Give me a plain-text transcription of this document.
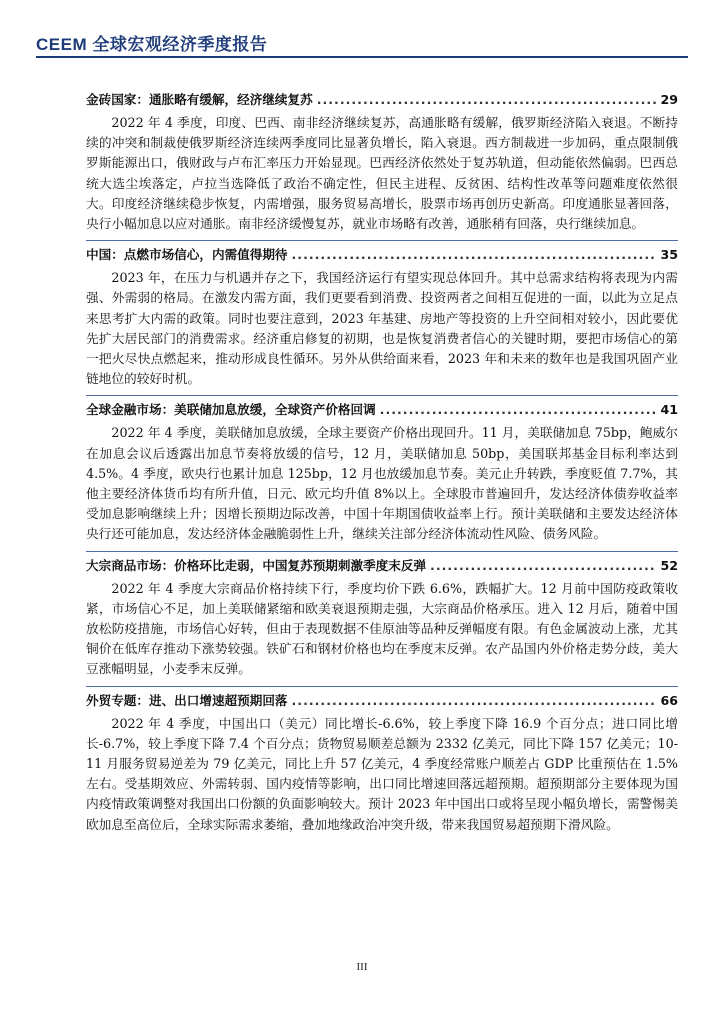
CEEM 全球宏观经济季度报告
金砖国家：通胀略有缓解，经济继续复苏 .....	29

2022 年 4 季度，印度、巴西、南非经济继续复苏，高通胀略有缓解，俄罗斯经济陷入衰退。不断持续的冲突和制裁使俄罗斯经济连续两季度同比显著负增长，陷入衰退。西方制裁进一步加码，重点限制俄罗斯能源出口，俄财政与卢布汇率压力开始显现。巴西经济依然处于复苏轨道，但动能依然偏弱。巴西总统大选尘埃落定，卢拉当选降低了政治不确定性，但民主进程、反贫困、结构性改革等问题难度依然很大。印度经济继续稳步恢复，内需增强，服务贸易高增长，股票市场再创历史新高。印度通胀显著回落，央行小幅加息以应对通胀。南非经济缓慢复苏，就业市场略有改善，通胀稍有回落，央行继续加息。

中国：点燃市场信心，内需值得期待 .....	35

2023 年，在压力与机遇并存之下，我国经济运行有望实现总体回升。其中总需求结构将表现为内需强、外需弱的格局。在激发内需方面，我们更要看到消费、投资两者之间相互促进的一面，以此为立足点来思考扩大内需的政策。同时也要注意到，2023 年基建、房地产等投资的上升空间相对较小，因此要优先扩大居民部门的消费需求。经济重启修复的初期，也是恢复消费者信心的关键时期，要把市场信心的第一把火尽快点燃起来，推动形成良性循环。另外从供给面来看，2023 年和未来的数年也是我国巩固产业链地位的较好时机。

全球金融市场：美联储加息放缓，全球资产价格回调 .....	41

2022 年 4 季度，美联储加息放缓，全球主要资产价格出现回升。11 月，美联储加息 75bp，鲍威尔在加息会议后透露出加息节奏将放缓的信号，12 月，美联储加息 50bp，美国联邦基金目标利率达到 4.5%。4 季度，欧央行也累计加息 125bp，12 月也放缓加息节奏。美元止升转跌，季度贬值 7.7%，其他主要经济体货币均有所升值，日元、欧元均升值 8%以上。全球股市普遍回升，发达经济体债券收益率受加息影响继续上升；因增长预期边际改善，中国十年期国债收益率上行。预计美联储和主要发达经济体央行还可能加息，发达经济体金融脆弱性上升，继续关注部分经济体流动性风险、债务风险。

大宗商品市场：价格环比走弱，中国复苏预期刺激季度末反弹 .....	52

2022 年 4 季度大宗商品价格持续下行，季度均价下跌 6.6%，跌幅扩大。12 月前中国防疫政策收紧，市场信心不足，加上美联储紧缩和欧美衰退预期走强，大宗商品价格承压。进入 12 月后，随着中国放松防疫措施，市场信心好转，但由于表现数据不佳原油等品种反弹幅度有限。有色金属波动上涨，尤其铜价在低库存推动下涨势较强。铁矿石和钢材价格也均在季度末反弹。农产品国内外价格走势分歧，美大豆涨幅明显，小麦季末反弹。

外贸专题：进、出口增速超预期回落 .....	66

2022 年 4 季度，中国出口（美元）同比增长-6.6%，较上季度下降 16.9 个百分点；进口同比增长-6.7%，较上季度下降 7.4 个百分点；货物贸易顺差总额为 2332 亿美元，同比下降 157 亿美元；10-11 月服务贸易逆差为 79 亿美元，同比上升 57 亿美元，4 季度经常账户顺差占 GDP 比重预估在 1.5%左右。受基期效应、外需转弱、国内疫情等影响，出口同比增速回落远超预期。超预期部分主要体现为国内疫情政策调整对我国出口份额的负面影响较大。预计 2023 年中国出口或将呈现小幅负增长，需警惕美欧加息至高位后，全球实际需求萎缩，叠加地缘政治冲突升级，带来我国贸易超预期下滑风险。

III
